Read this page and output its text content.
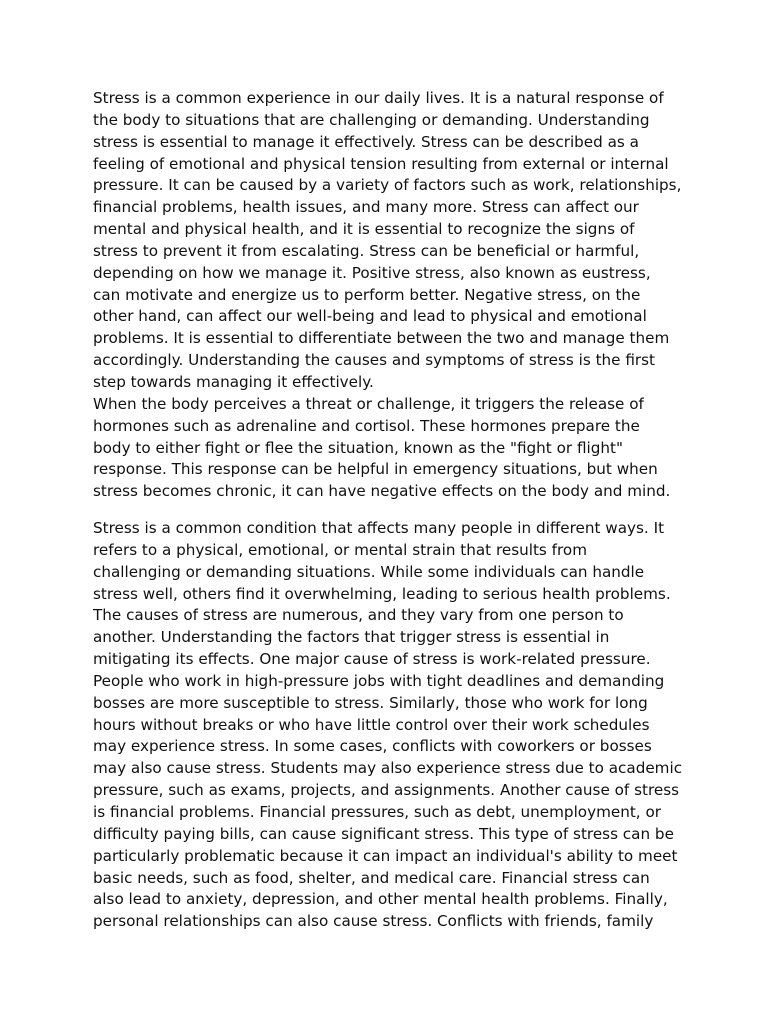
Stress is a common experience in our daily lives. It is a natural response of
the body to situations that are challenging or demanding. Understanding
stress is essential to manage it effectively. Stress can be described as a
feeling of emotional and physical tension resulting from external or internal
pressure. It can be caused by a variety of factors such as work, relationships,
financial problems, health issues, and many more. Stress can affect our
mental and physical health, and it is essential to recognize the signs of
stress to prevent it from escalating. Stress can be beneficial or harmful,
depending on how we manage it. Positive stress, also known as eustress,
can motivate and energize us to perform better. Negative stress, on the
other hand, can affect our well-being and lead to physical and emotional
problems. It is essential to differentiate between the two and manage them
accordingly. Understanding the causes and symptoms of stress is the first
step towards managing it effectively.
When the body perceives a threat or challenge, it triggers the release of
hormones such as adrenaline and cortisol. These hormones prepare the
body to either fight or flee the situation, known as the "fight or flight"
response. This response can be helpful in emergency situations, but when
stress becomes chronic, it can have negative effects on the body and mind.
Stress is a common condition that affects many people in different ways. It
refers to a physical, emotional, or mental strain that results from
challenging or demanding situations. While some individuals can handle
stress well, others find it overwhelming, leading to serious health problems.
The causes of stress are numerous, and they vary from one person to
another. Understanding the factors that trigger stress is essential in
mitigating its effects. One major cause of stress is work-related pressure.
People who work in high-pressure jobs with tight deadlines and demanding
bosses are more susceptible to stress. Similarly, those who work for long
hours without breaks or who have little control over their work schedules
may experience stress. In some cases, conflicts with coworkers or bosses
may also cause stress. Students may also experience stress due to academic
pressure, such as exams, projects, and assignments. Another cause of stress
is financial problems. Financial pressures, such as debt, unemployment, or
difficulty paying bills, can cause significant stress. This type of stress can be
particularly problematic because it can impact an individual's ability to meet
basic needs, such as food, shelter, and medical care. Financial stress can
also lead to anxiety, depression, and other mental health problems. Finally,
personal relationships can also cause stress. Conflicts with friends, family
